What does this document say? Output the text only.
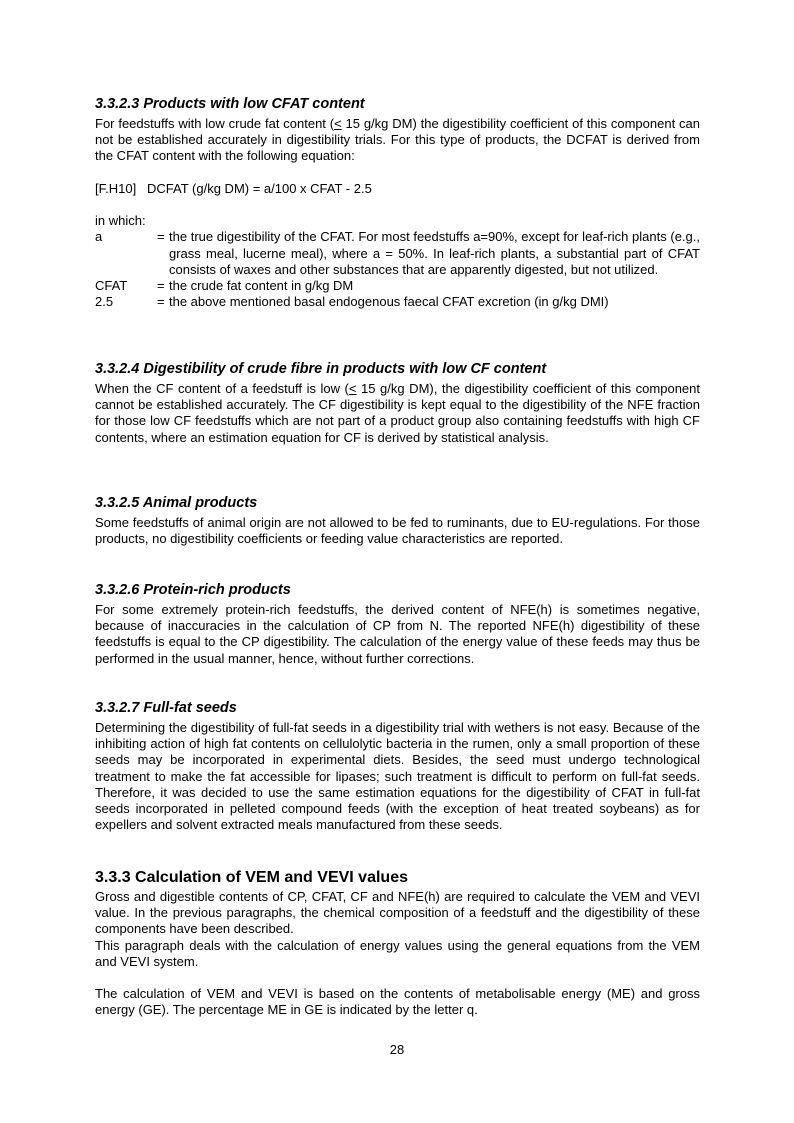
3.3.2.3 Products with low CFAT content

For feedstuffs with low crude fat content (≤ 15 g/kg DM) the digestibility coefficient of this component can not be established accurately in digestibility trials. For this type of products, the DCFAT is derived from the CFAT content with the following equation:

[F.H10]   DCFAT (g/kg DM) = a/100 x CFAT - 2.5

in which:

a	= the true digestibility of the CFAT. For most feedstuffs a=90%, except for leaf-rich plants (e.g., grass meal, lucerne meal), where a = 50%. In leaf-rich plants, a substantial part of CFAT consists of waxes and other substances that are apparently digested, but not utilized.
CFAT	= the crude fat content in g/kg DM
2.5	= the above mentioned basal endogenous faecal CFAT excretion (in g/kg DMI)
3.3.2.4 Digestibility of crude fibre in products with low CF content

When the CF content of a feedstuff is low (≤ 15 g/kg DM), the digestibility coefficient of this component cannot be established accurately. The CF digestibility is kept equal to the digestibility of the NFE fraction for those low CF feedstuffs which are not part of a product group also containing feedstuffs with high CF contents, where an estimation equation for CF is derived by statistical analysis.

3.3.2.5 Animal products

Some feedstuffs of animal origin are not allowed to be fed to ruminants, due to EU-regulations. For those products, no digestibility coefficients or feeding value characteristics are reported.

3.3.2.6 Protein-rich products

For some extremely protein-rich feedstuffs, the derived content of NFE(h) is sometimes negative, because of inaccuracies in the calculation of CP from N. The reported NFE(h) digestibility of these feedstuffs is equal to the CP digestibility. The calculation of the energy value of these feeds may thus be performed in the usual manner, hence, without further corrections.

3.3.2.7 Full-fat seeds

Determining the digestibility of full-fat seeds in a digestibility trial with wethers is not easy. Because of the inhibiting action of high fat contents on cellulolytic bacteria in the rumen, only a small proportion of these seeds may be incorporated in experimental diets. Besides, the seed must undergo technological treatment to make the fat accessible for lipases; such treatment is difficult to perform on full-fat seeds. Therefore, it was decided to use the same estimation equations for the digestibility of CFAT in full-fat seeds incorporated in pelleted compound feeds (with the exception of heat treated soybeans) as for expellers and solvent extracted meals manufactured from these seeds.

3.3.3 Calculation of VEM and VEVI values

Gross and digestible contents of CP, CFAT, CF and NFE(h) are required to calculate the VEM and VEVI value. In the previous paragraphs, the chemical composition of a feedstuff and the digestibility of these components have been described.

This paragraph deals with the calculation of energy values using the general equations from the VEM and VEVI system.

The calculation of VEM and VEVI is based on the contents of metabolisable energy (ME) and gross energy (GE). The percentage ME in GE is indicated by the letter q.

28
